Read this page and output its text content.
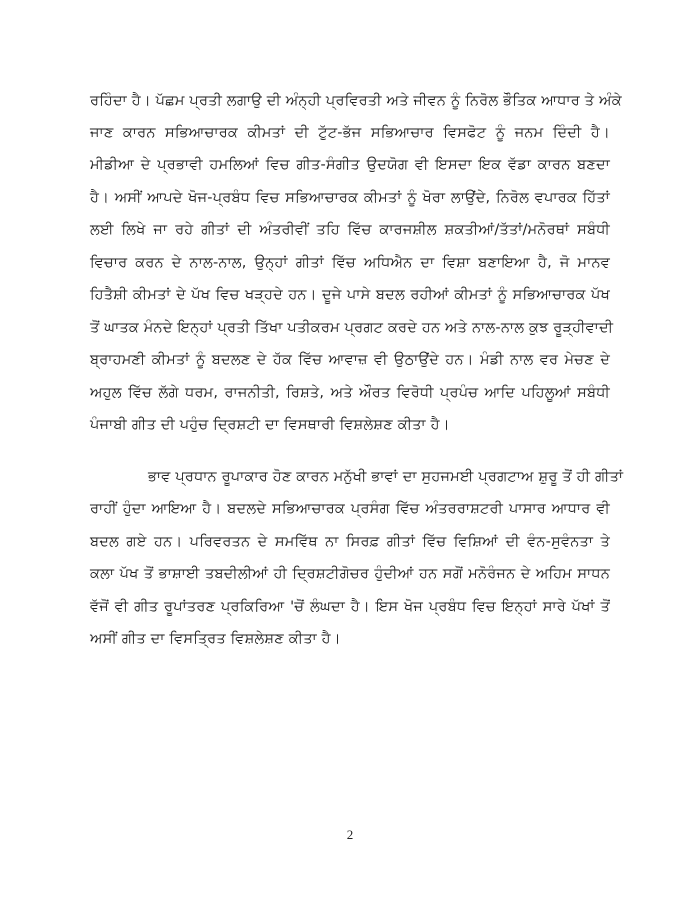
ਰਹਿੰਦਾ ਹੈ। ਪੱਛਮ ਪ੍ਰਤੀ ਲਗਾਉ ਦੀ ਅੰਨ੍ਹੀ ਪ੍ਰਵਿਰਤੀ ਅਤੇ ਜੀਵਨ ਨੂੰ ਨਿਰੋਲ ਭੌਤਿਕ ਆਧਾਰ ਤੇ ਅੰਕੇ
ਜਾਣ ਕਾਰਨ ਸਭਿਆਚਾਰਕ ਕੀਮਤਾਂ ਦੀ ਟੁੱਟ-ਭੱਜ ਸਭਿਆਚਾਰ ਵਿਸਫੋਟ ਨੂੰ ਜਨਮ ਦਿੰਦੀ ਹੈ।
ਮੀਡੀਆ ਦੇ ਪ੍ਰਭਾਵੀ ਹਮਲਿਆਂ ਵਿਚ ਗੀਤ-ਸੰਗੀਤ ਉਦਯੋਗ ਵੀ ਇਸਦਾ ਇਕ ਵੱਡਾ ਕਾਰਨ ਬਣਦਾ
ਹੈ। ਅਸੀਂ ਆਪਦੇ ਖੋਜ-ਪ੍ਰਬੰਧ ਵਿਚ ਸਭਿਆਚਾਰਕ ਕੀਮਤਾਂ ਨੂੰ ਖੋਰਾ ਲਾਉਂਦੇ, ਨਿਰੋਲ ਵਪਾਰਕ ਹਿੱਤਾਂ
ਲਈ ਲਿਖੇ ਜਾ ਰਹੇ ਗੀਤਾਂ ਦੀ ਅੰਤਰੀਵੀਂ ਤਹਿ ਵਿੱਚ ਕਾਰਜਸ਼ੀਲ ਸ਼ਕਤੀਆਂ/ਤੱਤਾਂ/ਮਨੋਰਥਾਂ ਸਬੰਧੀ
ਵਿਚਾਰ ਕਰਨ ਦੇ ਨਾਲ-ਨਾਲ, ਉਨ੍ਹਾਂ ਗੀਤਾਂ ਵਿੱਚ ਅਧਿਐਨ ਦਾ ਵਿਸ਼ਾ ਬਣਾਇਆ ਹੈ, ਜੋ ਮਾਨਵ
ਹਿਤੈਸ਼ੀ ਕੀਮਤਾਂ ਦੇ ਪੱਖ ਵਿਚ ਖੜ੍ਹਦੇ ਹਨ। ਦੂਜੇ ਪਾਸੇ ਬਦਲ ਰਹੀਆਂ ਕੀਮਤਾਂ ਨੂੰ ਸਭਿਆਚਾਰਕ ਪੱਖ
ਤੋਂ ਘਾਤਕ ਮੰਨਦੇ ਇਨ੍ਹਾਂ ਪ੍ਰਤੀ ਤਿੱਖਾ ਪਤੀਕਰਮ ਪ੍ਰਗਟ ਕਰਦੇ ਹਨ ਅਤੇ ਨਾਲ-ਨਾਲ ਕੁਝ ਰੂੜ੍ਹੀਵਾਦੀ
ਬ੍ਰਾਹਮਣੀ ਕੀਮਤਾਂ ਨੂੰ ਬਦਲਣ ਦੇ ਹੱਕ ਵਿੱਚ ਆਵਾਜ਼ ਵੀ ਉਠਾਉਂਦੇ ਹਨ। ਮੰਡੀ ਨਾਲ ਵਰ ਮੇਚਣ ਦੇ
ਅਹੁਲ ਵਿੱਚ ਲੱਗੇ ਧਰਮ, ਰਾਜਨੀਤੀ, ਰਿਸ਼ਤੇ, ਅਤੇ ਔਰਤ ਵਿਰੋਧੀ ਪ੍ਰਪੰਚ ਆਦਿ ਪਹਿਲੂਆਂ ਸਬੰਧੀ
ਪੰਜਾਬੀ ਗੀਤ ਦੀ ਪਹੁੰਚ ਦ੍ਰਿਸ਼ਟੀ ਦਾ ਵਿਸਥਾਰੀ ਵਿਸ਼ਲੇਸ਼ਣ ਕੀਤਾ ਹੈ।
ਭਾਵ ਪ੍ਰਧਾਨ ਰੂਪਾਕਾਰ ਹੋਣ ਕਾਰਨ ਮਨੁੱਖੀ ਭਾਵਾਂ ਦਾ ਸੁਹਜਮਈ ਪ੍ਰਗਟਾਅ ਸ਼ੁਰੂ ਤੋਂ ਹੀ ਗੀਤਾਂ
ਰਾਹੀਂ ਹੁੰਦਾ ਆਇਆ ਹੈ। ਬਦਲਦੇ ਸਭਿਆਚਾਰਕ ਪ੍ਰਸੰਗ ਵਿੱਚ ਅੰਤਰਰਾਸ਼ਟਰੀ ਪਾਸਾਰ ਆਧਾਰ ਵੀ
ਬਦਲ ਗਏ ਹਨ। ਪਰਿਵਰਤਨ ਦੇ ਸਮਵਿੱਥ ਨਾ ਸਿਰਫ਼ ਗੀਤਾਂ ਵਿੱਚ ਵਿਸ਼ਿਆਂ ਦੀ ਵੰਨ-ਸੁਵੰਨਤਾ ਤੇ
ਕਲਾ ਪੱਖ ਤੋਂ ਭਾਸ਼ਾਈ ਤਬਦੀਲੀਆਂ ਹੀ ਦ੍ਰਿਸ਼ਟੀਗੋਚਰ ਹੁੰਦੀਆਂ ਹਨ ਸਗੋਂ ਮਨੋਰੰਜਨ ਦੇ ਅਹਿਮ ਸਾਧਨ
ਵੱਜੋਂ ਵੀ ਗੀਤ ਰੂਪਾਂਤਰਣ ਪ੍ਰਕਿਰਿਆ 'ਚੋਂ ਲੰਘਦਾ ਹੈ। ਇਸ ਖੋਜ ਪ੍ਰਬੰਧ ਵਿਚ ਇਨ੍ਹਾਂ ਸਾਰੇ ਪੱਖਾਂ ਤੋਂ
ਅਸੀਂ ਗੀਤ ਦਾ ਵਿਸਤ੍ਰਿਤ ਵਿਸ਼ਲੇਸ਼ਣ ਕੀਤਾ ਹੈ।
2
